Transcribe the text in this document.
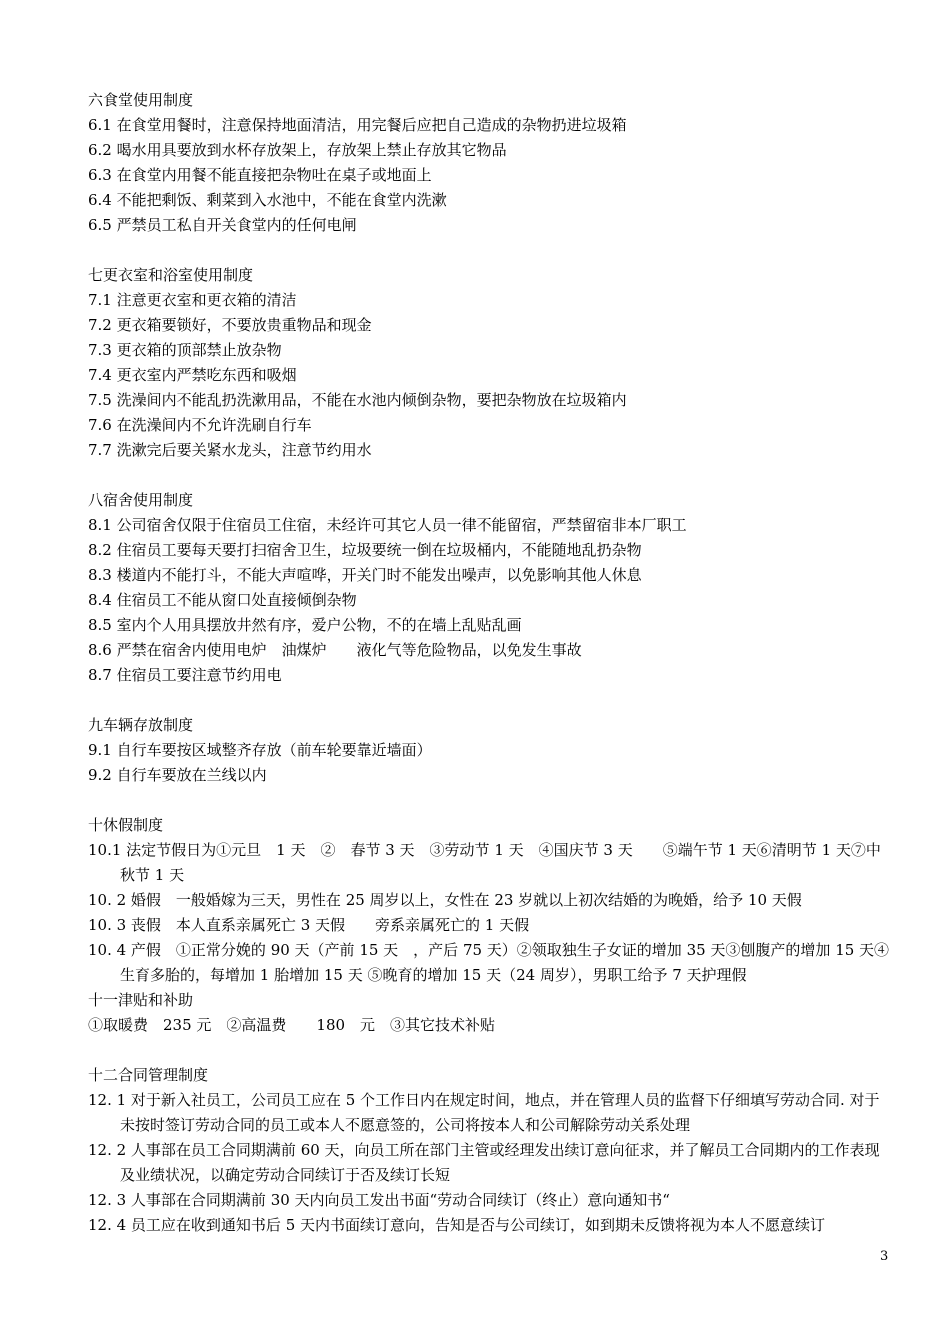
六食堂使用制度
6.1 在食堂用餐时，注意保持地面清洁，用完餐后应把自己造成的杂物扔进垃圾箱
6.2 喝水用具要放到水杯存放架上，存放架上禁止存放其它物品
6.3 在食堂内用餐不能直接把杂物吐在桌子或地面上
6.4 不能把剩饭、剩菜到入水池中，不能在食堂内洗漱
6.5 严禁员工私自开关食堂内的任何电闸
七更衣室和浴室使用制度
7.1 注意更衣室和更衣箱的清洁
7.2 更衣箱要锁好，不要放贵重物品和现金
7.3 更衣箱的顶部禁止放杂物
7.4 更衣室内严禁吃东西和吸烟
7.5 洗澡间内不能乱扔洗漱用品，不能在水池内倾倒杂物，要把杂物放在垃圾箱内
7.6 在洗澡间内不允许洗刷自行车
7.7 洗漱完后要关紧水龙头，注意节约用水
八宿舍使用制度
8.1 公司宿舍仅限于住宿员工住宿，未经许可其它人员一律不能留宿，严禁留宿非本厂职工
8.2 住宿员工要每天要打扫宿舍卫生，垃圾要统一倒在垃圾桶内，不能随地乱扔杂物
8.3 楼道内不能打斗，不能大声喧哗，开关门时不能发出噪声，以免影响其他人休息
8.4 住宿员工不能从窗口处直接倾倒杂物
8.5 室内个人用具摆放井然有序，爱户公物，不的在墙上乱贴乱画
8.6 严禁在宿舍内使用电炉　油煤炉　　液化气等危险物品，以免发生事故
8.7 住宿员工要注意节约用电
九车辆存放制度
9.1 自行车要按区域整齐存放（前车轮要靠近墙面）
9.2 自行车要放在兰线以内
十休假制度
10.1 法定节假日为①元旦　1 天　②　春节 3 天　③劳动节 1 天　④国庆节 3 天　　⑤端午节 1 天⑥清明节 1 天⑦中秋节 1 天
10. 2 婚假　一般婚嫁为三天，男性在 25 周岁以上，女性在 23 岁就以上初次结婚的为晚婚，给予 10 天假
10. 3 丧假　本人直系亲属死亡 3 天假　　旁系亲属死亡的 1 天假
10. 4 产假　①正常分娩的 90 天（产前 15 天　，产后 75 天）②领取独生子女证的增加 35 天③刨腹产的增加 15 天④生育多胎的，每增加 1 胎增加 15 天 ⑤晚育的增加 15 天（24 周岁），男职工给予 7 天护理假
十一津贴和补助
①取暖费　235 元　②高温费　　180　元　③其它技术补贴
十二合同管理制度
12. 1 对于新入社员工，公司员工应在 5 个工作日内在规定时间，地点，并在管理人员的监督下仔细填写劳动合同. 对于未按时签订劳动合同的员工或本人不愿意签的，公司将按本人和公司解除劳动关系处理
12. 2 人事部在员工合同期满前 60 天，向员工所在部门主管或经理发出续订意向征求，并了解员工合同期内的工作表现及业绩状况，以确定劳动合同续订于否及续订长短
12. 3 人事部在合同期满前 30 天内向员工发出书面“劳动合同续订（终止）意向通知书“
12. 4 员工应在收到通知书后 5 天内书面续订意向，告知是否与公司续订，如到期未反馈将视为本人不愿意续订
3
